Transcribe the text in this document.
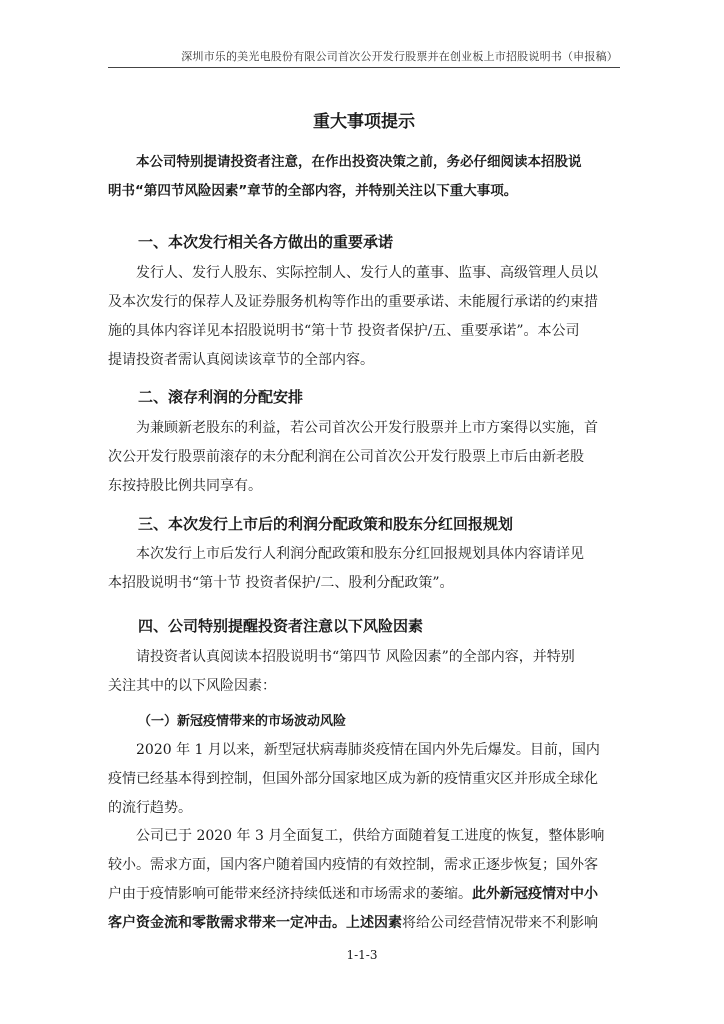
深圳市乐的美光电股份有限公司首次公开发行股票并在创业板上市招股说明书（申报稿）
重大事项提示
本公司特别提请投资者注意，在作出投资决策之前，务必仔细阅读本招股说
明书“第四节风险因素”章节的全部内容，并特别关注以下重大事项。
一、本次发行相关各方做出的重要承诺
发行人、发行人股东、实际控制人、发行人的董事、监事、高级管理人员以
及本次发行的保荐人及证券服务机构等作出的重要承诺、未能履行承诺的约束措
施的具体内容详见本招股说明书“第十节 投资者保护/五、重要承诺”。本公司
提请投资者需认真阅读该章节的全部内容。
二、滚存利润的分配安排
为兼顾新老股东的利益，若公司首次公开发行股票并上市方案得以实施，首
次公开发行股票前滚存的未分配利润在公司首次公开发行股票上市后由新老股
东按持股比例共同享有。
三、本次发行上市后的利润分配政策和股东分红回报规划
本次发行上市后发行人利润分配政策和股东分红回报规划具体内容请详见
本招股说明书“第十节 投资者保护/二、股利分配政策”。
四、公司特别提醒投资者注意以下风险因素
请投资者认真阅读本招股说明书“第四节 风险因素”的全部内容，并特别
关注其中的以下风险因素：
（一）新冠疫情带来的市场波动风险
2020 年 1 月以来，新型冠状病毒肺炎疫情在国内外先后爆发。目前，国内
疫情已经基本得到控制，但国外部分国家地区成为新的疫情重灾区并形成全球化
的流行趋势。
公司已于 2020 年 3 月全面复工，供给方面随着复工进度的恢复，整体影响
较小。需求方面，国内客户随着国内疫情的有效控制，需求正逐步恢复；国外客
户由于疫情影响可能带来经济持续低迷和市场需求的萎缩。此外新冠疫情对中小
客户资金流和零散需求带来一定冲击。上述因素将给公司经营情况带来不利影响
1-1-3
